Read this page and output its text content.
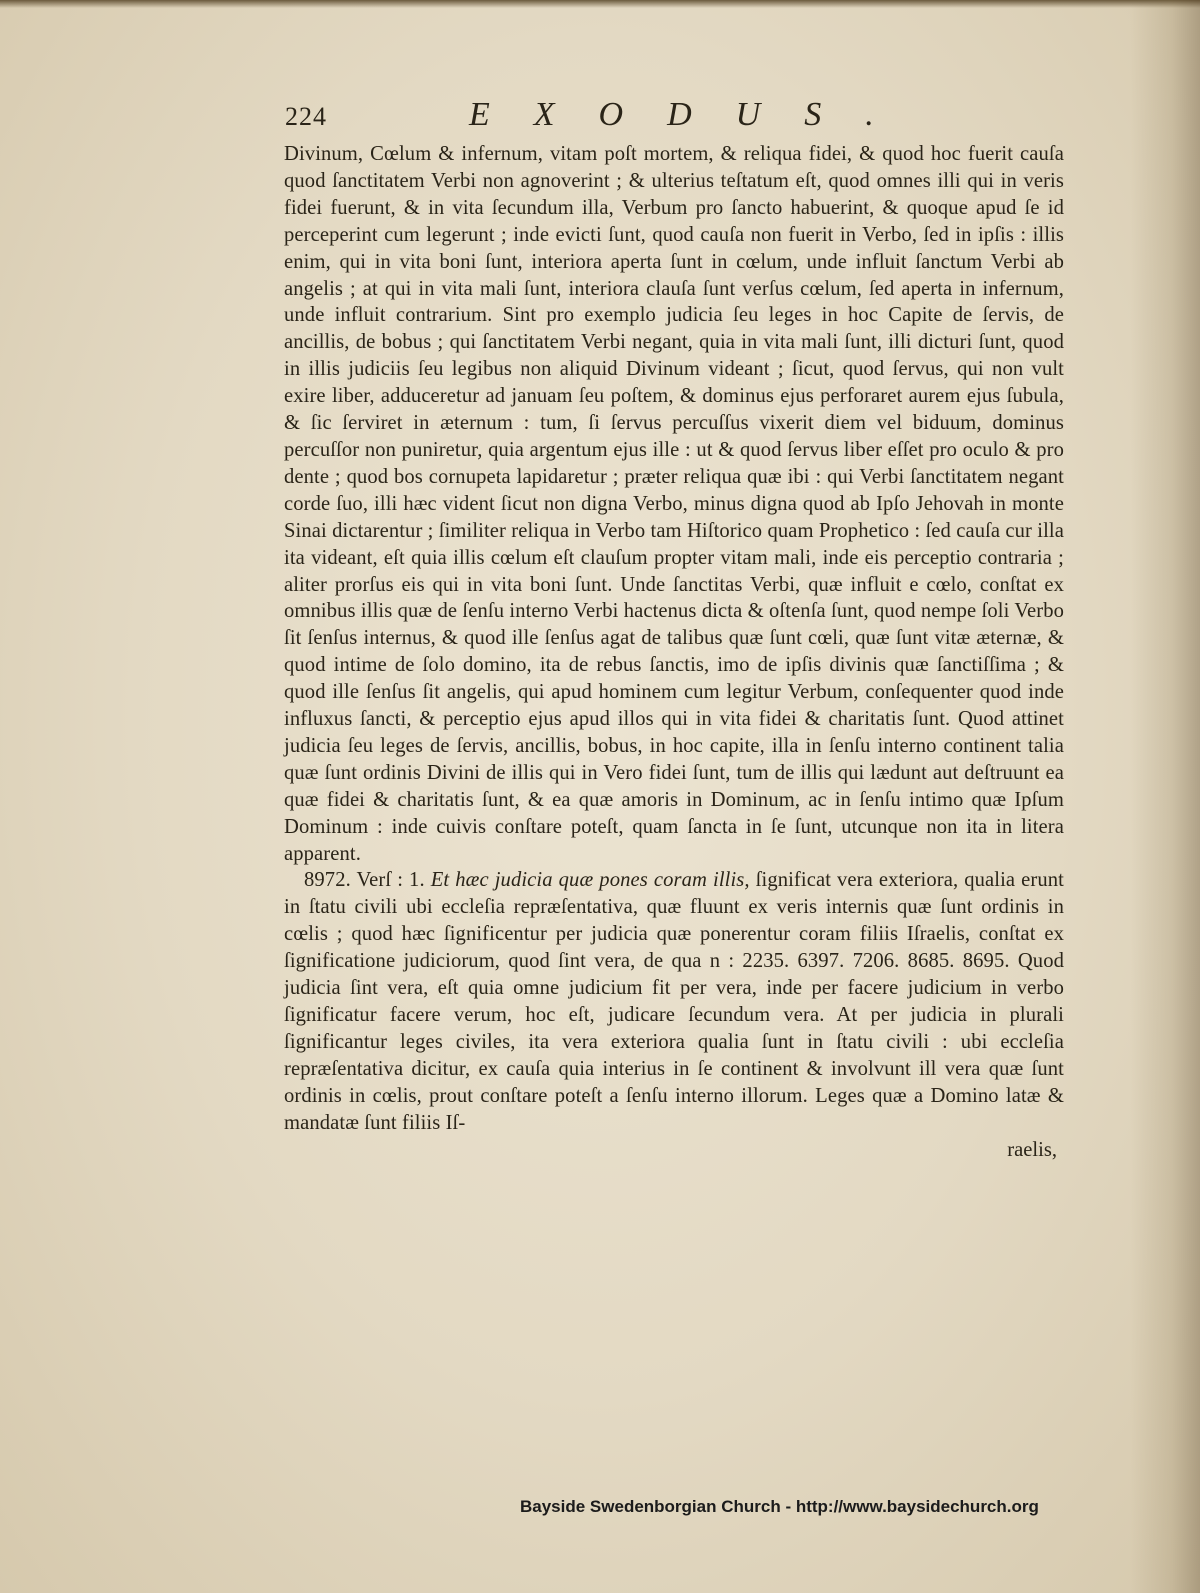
224	EXODUS.

Divinum, Cœlum & infernum, vitam poſt mortem, & reliqua fidei, & quod hoc fuerit cauſa quod ſanctitatem Verbi non agnoverint ; & ulterius teſtatum eſt, quod omnes illi qui in veris fidei fuerunt, & in vita ſecundum illa, Verbum pro ſancto habuerint, & quoque apud ſe id perceperint cum legerunt ; inde evicti ſunt, quod cauſa non fuerit in Verbo, ſed in ipſis : illis enim, qui in vita boni ſunt, interiora aperta ſunt in cœlum, unde influit ſanctum Verbi ab angelis ; at qui in vita mali ſunt, interiora clauſa ſunt verſus cœlum, ſed aperta in infernum, unde influit contrarium. Sint pro exemplo judicia ſeu leges in hoc Capite de ſervis, de ancillis, de bobus ; qui ſanctitatem Verbi negant, quia in vita mali ſunt, illi dicturi ſunt, quod in illis judiciis ſeu legibus non aliquid Divinum videant ; ſicut, quod ſervus, qui non vult exire liber, adduceretur ad januam ſeu poſtem, & dominus ejus perforaret aurem ejus ſubula, & ſic ſerviret in æternum : tum, ſi ſervus percuſſus vixerit diem vel biduum, dominus percuſſor non puniretur, quia argentum ejus ille : ut & quod ſervus liber eſſet pro oculo & pro dente ; quod bos cornupeta lapidaretur ; præter reliqua quæ ibi : qui Verbi ſanctitatem negant corde ſuo, illi hæc vident ſicut non digna Verbo, minus digna quod ab Ipſo Jehovah in monte Sinai dictarentur ; ſimiliter reliqua in Verbo tam Hiſtorico quam Prophetico : ſed cauſa cur illa ita videant, eſt quia illis cœlum eſt clauſum propter vitam mali, inde eis perceptio contraria ; aliter prorſus eis qui in vita boni ſunt. Unde ſanctitas Verbi, quæ influit e cœlo, conſtat ex omnibus illis quæ de ſenſu interno Verbi hactenus dicta & oſtenſa ſunt, quod nempe ſoli Verbo ſit ſenſus internus, & quod ille ſenſus agat de talibus quæ ſunt cœli, quæ ſunt vitæ æternæ, & quod intime de ſolo domino, ita de rebus ſanctis, imo de ipſis divinis quæ ſanctiſſima ; & quod ille ſenſus ſit angelis, qui apud hominem cum legitur Verbum, conſequenter quod inde influxus ſancti, & perceptio ejus apud illos qui in vita fidei & charitatis ſunt. Quod attinet judicia ſeu leges de ſervis, ancillis, bobus, in hoc capite, illa in ſenſu interno continent talia quæ ſunt ordinis Divini de illis qui in Vero fidei ſunt, tum de illis qui lædunt aut deſtruunt ea quæ fidei & charitatis ſunt, & ea quæ amoris in Dominum, ac in ſenſu intimo quæ Ipſum Dominum : inde cuivis conſtare poteſt, quam ſancta in ſe ſunt, utcunque non ita in litera apparent.

8972. Verſ : 1. Et hæc judicia quæ pones coram illis, ſignificat vera exteriora, qualia erunt in ſtatu civili ubi eccleſia repræſentativa, quæ fluunt ex veris internis quæ ſunt ordinis in cœlis ; quod hæc ſignificentur per judicia quæ ponerentur coram filiis Iſraelis, conſtat ex ſignificatione judiciorum, quod ſint vera, de qua n : 2235. 6397. 7206. 8685. 8695. Quod judicia ſint vera, eſt quia omne judicium fit per vera, inde per facere judicium in verbo ſignificatur facere verum, hoc eſt, judicare ſecundum vera. At per judicia in plurali ſignificantur leges civiles, ita vera exteriora qualia ſunt in ſtatu civili : ubi eccleſia repræſentativa dicitur, ex cauſa quia interius in ſe continent & involvunt ill vera quæ ſunt ordinis in cœlis, prout conſtare poteſt a ſenſu interno illorum. Leges quæ a Domino latæ & mandatæ ſunt filiis Iſ-

raelis,
Bayside Swedenborgian Church - http://www.baysidechurch.org
